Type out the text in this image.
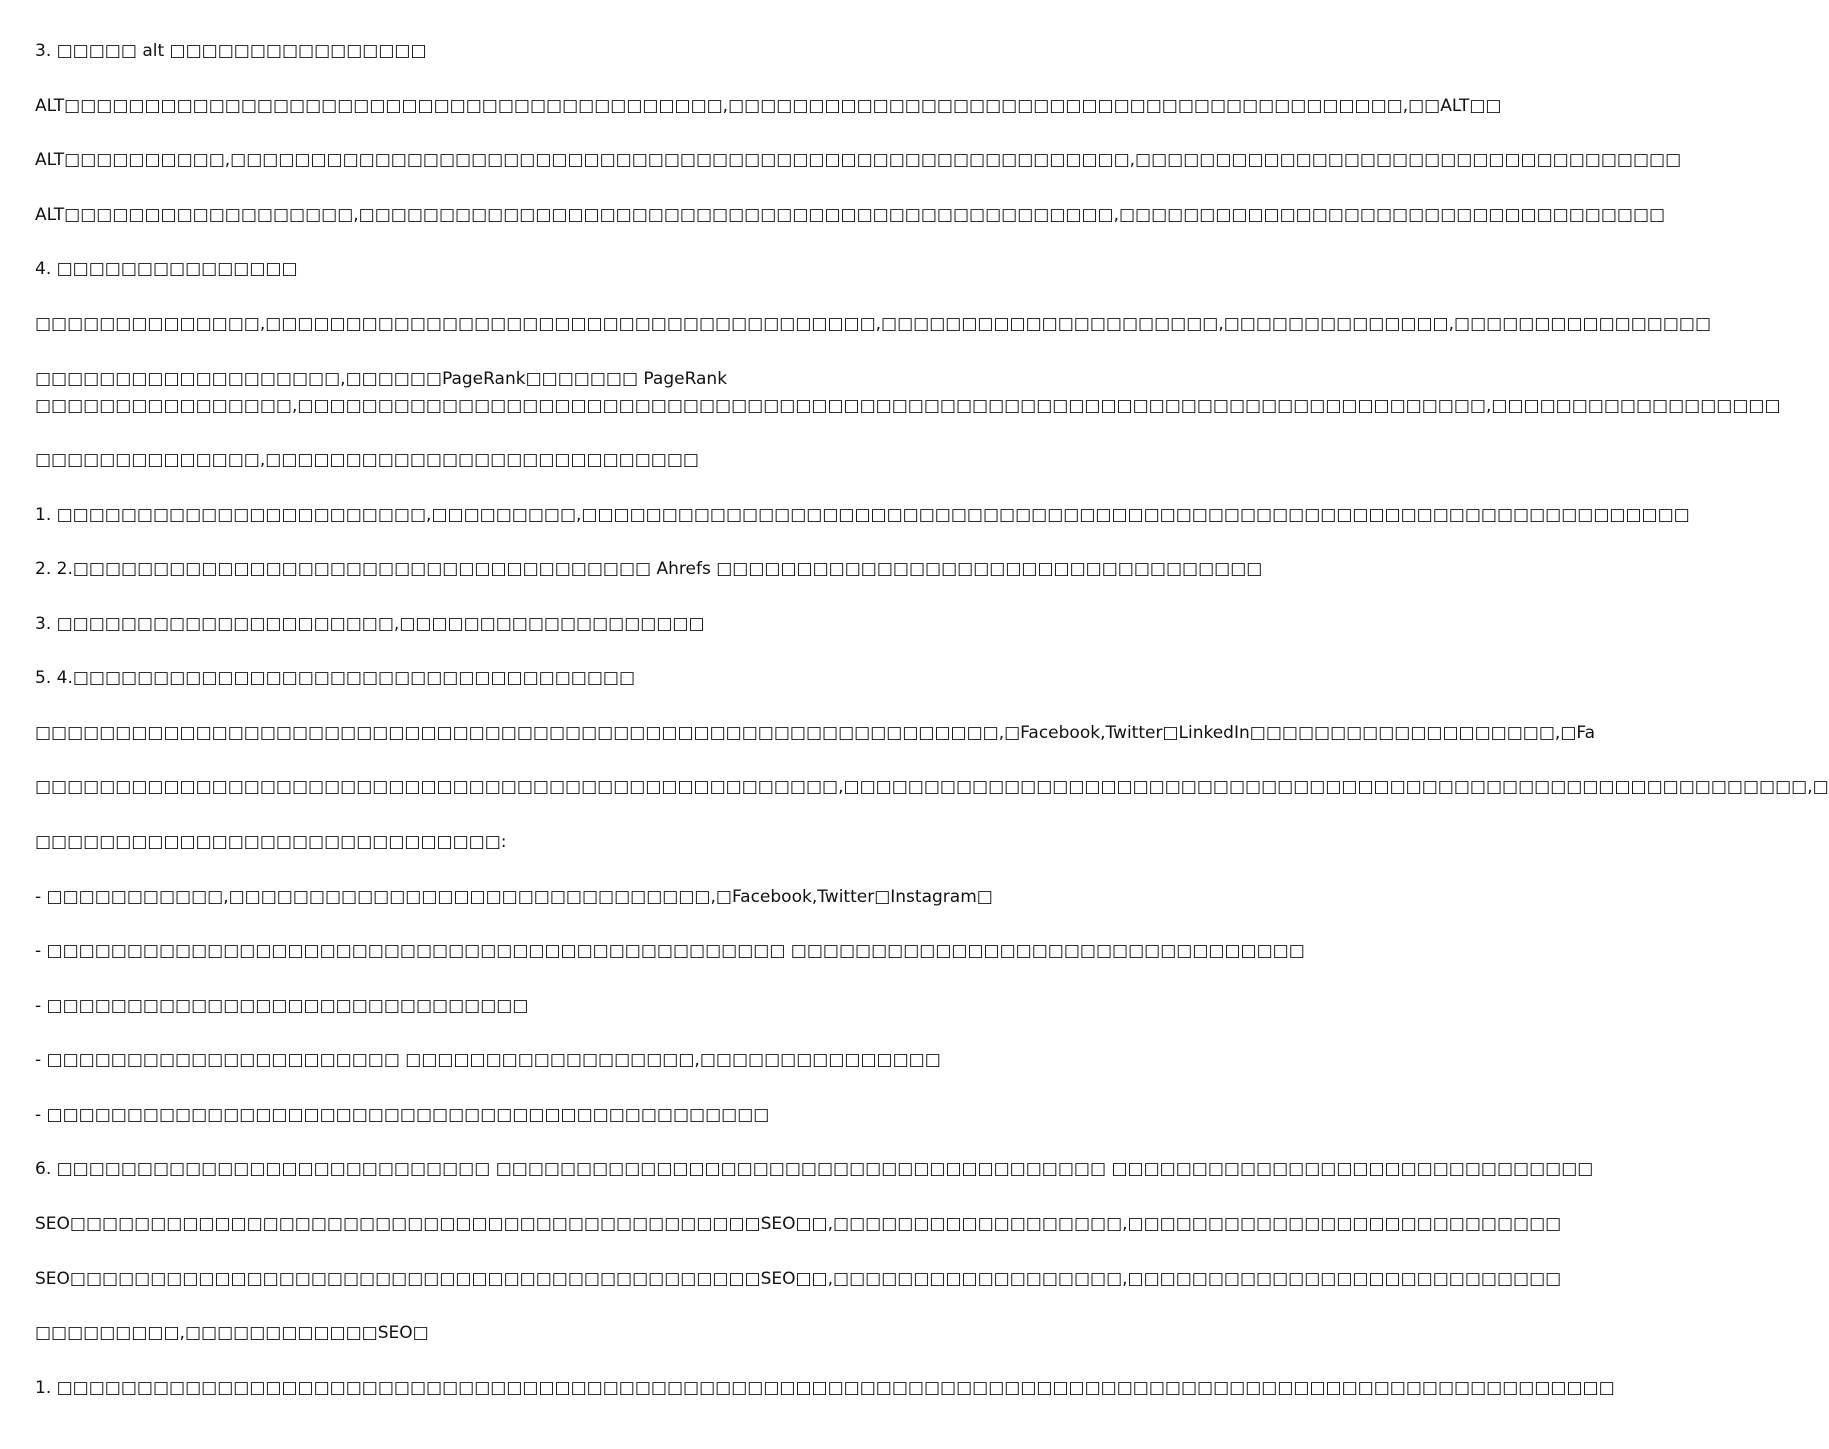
3. □□□□□ alt □□□□□□□□□□□□□□□□
ALT□□□□□□□□□□□□□□□□□□□□□□□□□□□□□□□□□□□□□□□□□,□□□□□□□□□□□□□□□□□□□□□□□□□□□□□□□□□□□□□□□□□□,□□ALT□□
ALT□□□□□□□□□□,□□□□□□□□□□□□□□□□□□□□□□□□□□□□□□□□□□□□□□□□□□□□□□□□□□□□□□□□,□□□□□□□□□□□□□□□□□□□□□□□□□□□□□□□□□□
ALT□□□□□□□□□□□□□□□□□□,□□□□□□□□□□□□□□□□□□□□□□□□□□□□□□□□□□□□□□□□□□□□□□□,□□□□□□□□□□□□□□□□□□□□□□□□□□□□□□□□□□
4. □□□□□□□□□□□□□□□
□□□□□□□□□□□□□□,□□□□□□□□□□□□□□□□□□□□□□□□□□□□□□□□□□□□□□,□□□□□□□□□□□□□□□□□□□□□,□□□□□□□□□□□□□□,□□□□□□□□□□□□□□□□
□□□□□□□□□□□□□□□□□□□,□□□□□□PageRank□□□□□□□ PageRank
□□□□□□□□□□□□□□□□,□□□□□□□□□□□□□□□□□□□□□□□□□□□□□□□□□□□□□□□□□□□□□□□□□□□□□□□□□□□□□□□□□□□□□□□□□□,□□□□□□□□□□□□□□□□□□
□□□□□□□□□□□□□□,□□□□□□□□□□□□□□□□□□□□□□□□□□□
1. □□□□□□□□□□□□□□□□□□□□□□□,□□□□□□□□□,□□□□□□□□□□□□□□□□□□□□□□□□□□□□□□□□□□□□□□□□□□□□□□□□□□□□□□□□□□□□□□□□□□□□□
2. 2.□□□□□□□□□□□□□□□□□□□□□□□□□□□□□□□□□□□□ Ahrefs □□□□□□□□□□□□□□□□□□□□□□□□□□□□□□□□□□
3. □□□□□□□□□□□□□□□□□□□□□,□□□□□□□□□□□□□□□□□□□
5. 4.□□□□□□□□□□□□□□□□□□□□□□□□□□□□□□□□□□□
□□□□□□□□□□□□□□□□□□□□□□□□□□□□□□□□□□□□□□□□□□□□□□□□□□□□□□□□□□□□,□Facebook,Twitter□LinkedIn□□□□□□□□□□□□□□□□□□□,□Fa
□□□□□□□□□□□□□□□□□□□□□□□□□□□□□□□□□□□□□□□□□□□□□□□□□□,□□□□□□□□□□□□□□□□□□□□□□□□□□□□□□□□□□□□□□□□□□□□□□□□□□□□□□□□□□□□,□
□□□□□□□□□□□□□□□□□□□□□□□□□□□□□:
- □□□□□□□□□□□,□□□□□□□□□□□□□□□□□□□□□□□□□□□□□□,□Facebook,Twitter□Instagram□
- □□□□□□□□□□□□□□□□□□□□□□□□□□□□□□□□□□□□□□□□□□□□□□ □□□□□□□□□□□□□□□□□□□□□□□□□□□□□□□□
- □□□□□□□□□□□□□□□□□□□□□□□□□□□□□□
- □□□□□□□□□□□□□□□□□□□□□□ □□□□□□□□□□□□□□□□□□,□□□□□□□□□□□□□□□
- □□□□□□□□□□□□□□□□□□□□□□□□□□□□□□□□□□□□□□□□□□□□□
6. □□□□□□□□□□□□□□□□□□□□□□□□□□□ □□□□□□□□□□□□□□□□□□□□□□□□□□□□□□□□□□□□□□ □□□□□□□□□□□□□□□□□□□□□□□□□□□□□□
SEO□□□□□□□□□□□□□□□□□□□□□□□□□□□□□□□□□□□□□□□□□□□SEO□□,□□□□□□□□□□□□□□□□□□,□□□□□□□□□□□□□□□□□□□□□□□□□□□
SEO□□□□□□□□□□□□□□□□□□□□□□□□□□□□□□□□□□□□□□□□□□□SEO□□,□□□□□□□□□□□□□□□□□□,□□□□□□□□□□□□□□□□□□□□□□□□□□□
□□□□□□□□□,□□□□□□□□□□□□SEO□
1. □□□□□□□□□□□□□□□□□□□□□□□□□□□□□□□□□□□□□□□□□□□□□□□□□□□□□□□□□□□□□□□□□□□□□□□□□□□□□□□□□□□□□□□□□□□□□□□□□
